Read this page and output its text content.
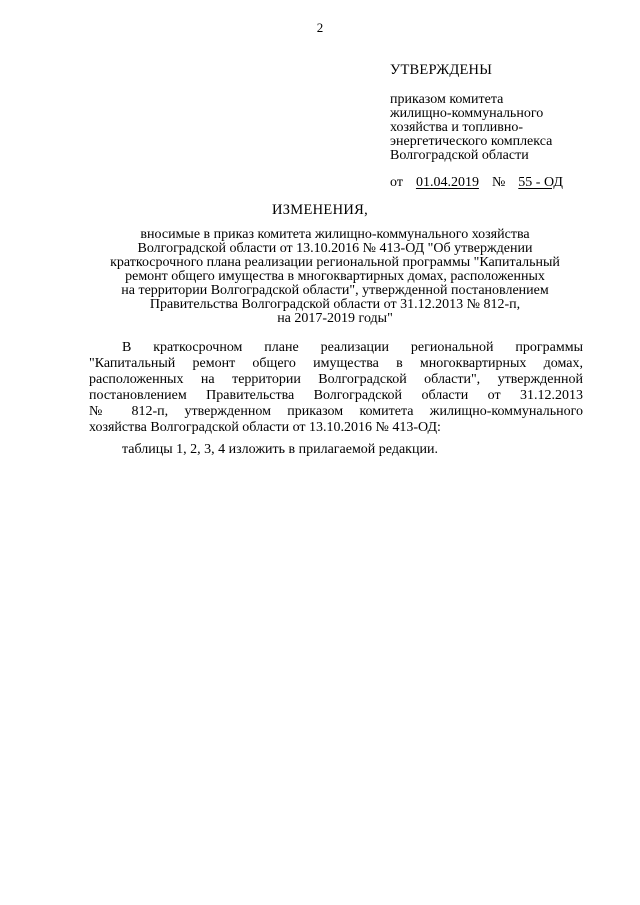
2
УТВЕРЖДЕНЫ
приказом комитета
жилищно-коммунального
хозяйства и топливно-
энергетического комплекса
Волгоградской области
от 01.04.2019 № 55 - ОД
ИЗМЕНЕНИЯ,
вносимые в приказ комитета жилищно-коммунального хозяйства
Волгоградской области от 13.10.2016 № 413-ОД "Об утверждении
краткосрочного плана реализации региональной программы "Капитальный
ремонт общего имущества в многоквартирных домах, расположенных
на территории Волгоградской области", утвержденной постановлением
Правительства Волгоградской области от 31.12.2013 № 812-п,
на 2017-2019 годы"
В краткосрочном плане реализации региональной программы
"Капитальный ремонт общего имущества в многоквартирных домах,
расположенных на территории Волгоградской области", утвержденной
постановлением Правительства Волгоградской области от 31.12.2013
№ 812-п, утвержденном приказом комитета жилищно-коммунального
хозяйства Волгоградской области от 13.10.2016 № 413-ОД:
таблицы 1, 2, 3, 4 изложить в прилагаемой редакции.
